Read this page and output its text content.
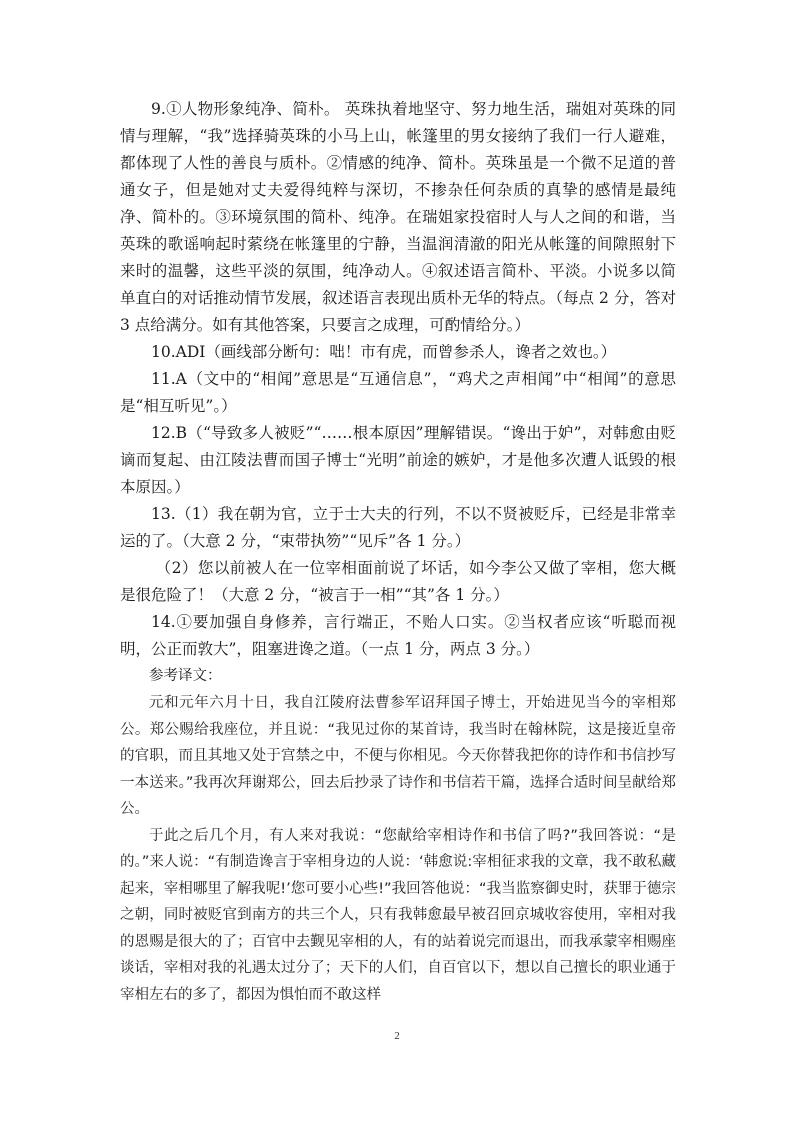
9.①人物形象纯净、简朴。 英珠执着地坚守、努力地生活，瑞姐对英珠的同情与理解，“我”选择骑英珠的小马上山，帐篷里的男女接纳了我们一行人避难，都体现了人性的善良与质朴。②情感的纯净、简朴。英珠虽是一个微不足道的普通女子，但是她对丈夫爱得纯粹与深切，不掺杂任何杂质的真挚的感情是最纯净、简朴的。③环境氛围的简朴、纯净。在瑞姐家投宿时人与人之间的和谐，当英珠的歌谣响起时萦绕在帐篷里的宁静，当温润清澈的阳光从帐篷的间隙照射下来时的温馨，这些平淡的氛围，纯净动人。④叙述语言简朴、平淡。小说多以简单直白的对话推动情节发展，叙述语言表现出质朴无华的特点。（每点 2 分，答对 3 点给满分。如有其他答案，只要言之成理，可酌情给分。）

10.ADI（画线部分断句：咄！市有虎，而曾参杀人，谗者之效也。）

11.A（文中的“相闻”意思是“互通信息”，“鸡犬之声相闻”中“相闻”的意思是“相互听见”。）

12.B（“导致多人被贬”“……根本原因”理解错误。“谗出于妒”，对韩愈由贬谪而复起、由江陵法曹而国子博士“光明”前途的嫉妒，才是他多次遭人诋毁的根本原因。）

13.（1）我在朝为官，立于士大夫的行列，不以不贤被贬斥，已经是非常幸运的了。（大意 2 分，“束带执笏”“见斥”各 1 分。）

（2）您以前被人在一位宰相面前说了坏话，如今李公又做了宰相，您大概是很危险了！（大意 2 分，“被言于一相”“其”各 1 分。）

14.①要加强自身修养，言行端正，不贻人口实。②当权者应该“听聪而视明，公正而敦大”，阻塞进谗之道。（一点 1 分，两点 3 分。）

参考译文：

元和元年六月十日，我自江陵府法曹参军诏拜国子博士，开始进见当今的宰相郑公。郑公赐给我座位，并且说：“我见过你的某首诗，我当时在翰林院，这是接近皇帝的官职，而且其地又处于宫禁之中，不便与你相见。今天你替我把你的诗作和书信抄写一本送来。”我再次拜谢郑公，回去后抄录了诗作和书信若干篇，选择合适时间呈献给郑公。

于此之后几个月，有人来对我说：“您献给宰相诗作和书信了吗?”我回答说：“是的。”来人说：“有制造谗言于宰相身边的人说：‘韩愈说:宰相征求我的文章，我不敢私藏起来，宰相哪里了解我呢!’您可要小心些!”我回答他说：“我当监察御史时，获罪于德宗之朝，同时被贬官到南方的共三个人，只有我韩愈最早被召回京城收容使用，宰相对我的恩赐是很大的了；百官中去觐见宰相的人，有的站着说完而退出，而我承蒙宰相赐座谈话，宰相对我的礼遇太过分了；天下的人们，自百官以下，想以自己擅长的职业通于宰相左右的多了，都因为惧怕而不敢这样

2
